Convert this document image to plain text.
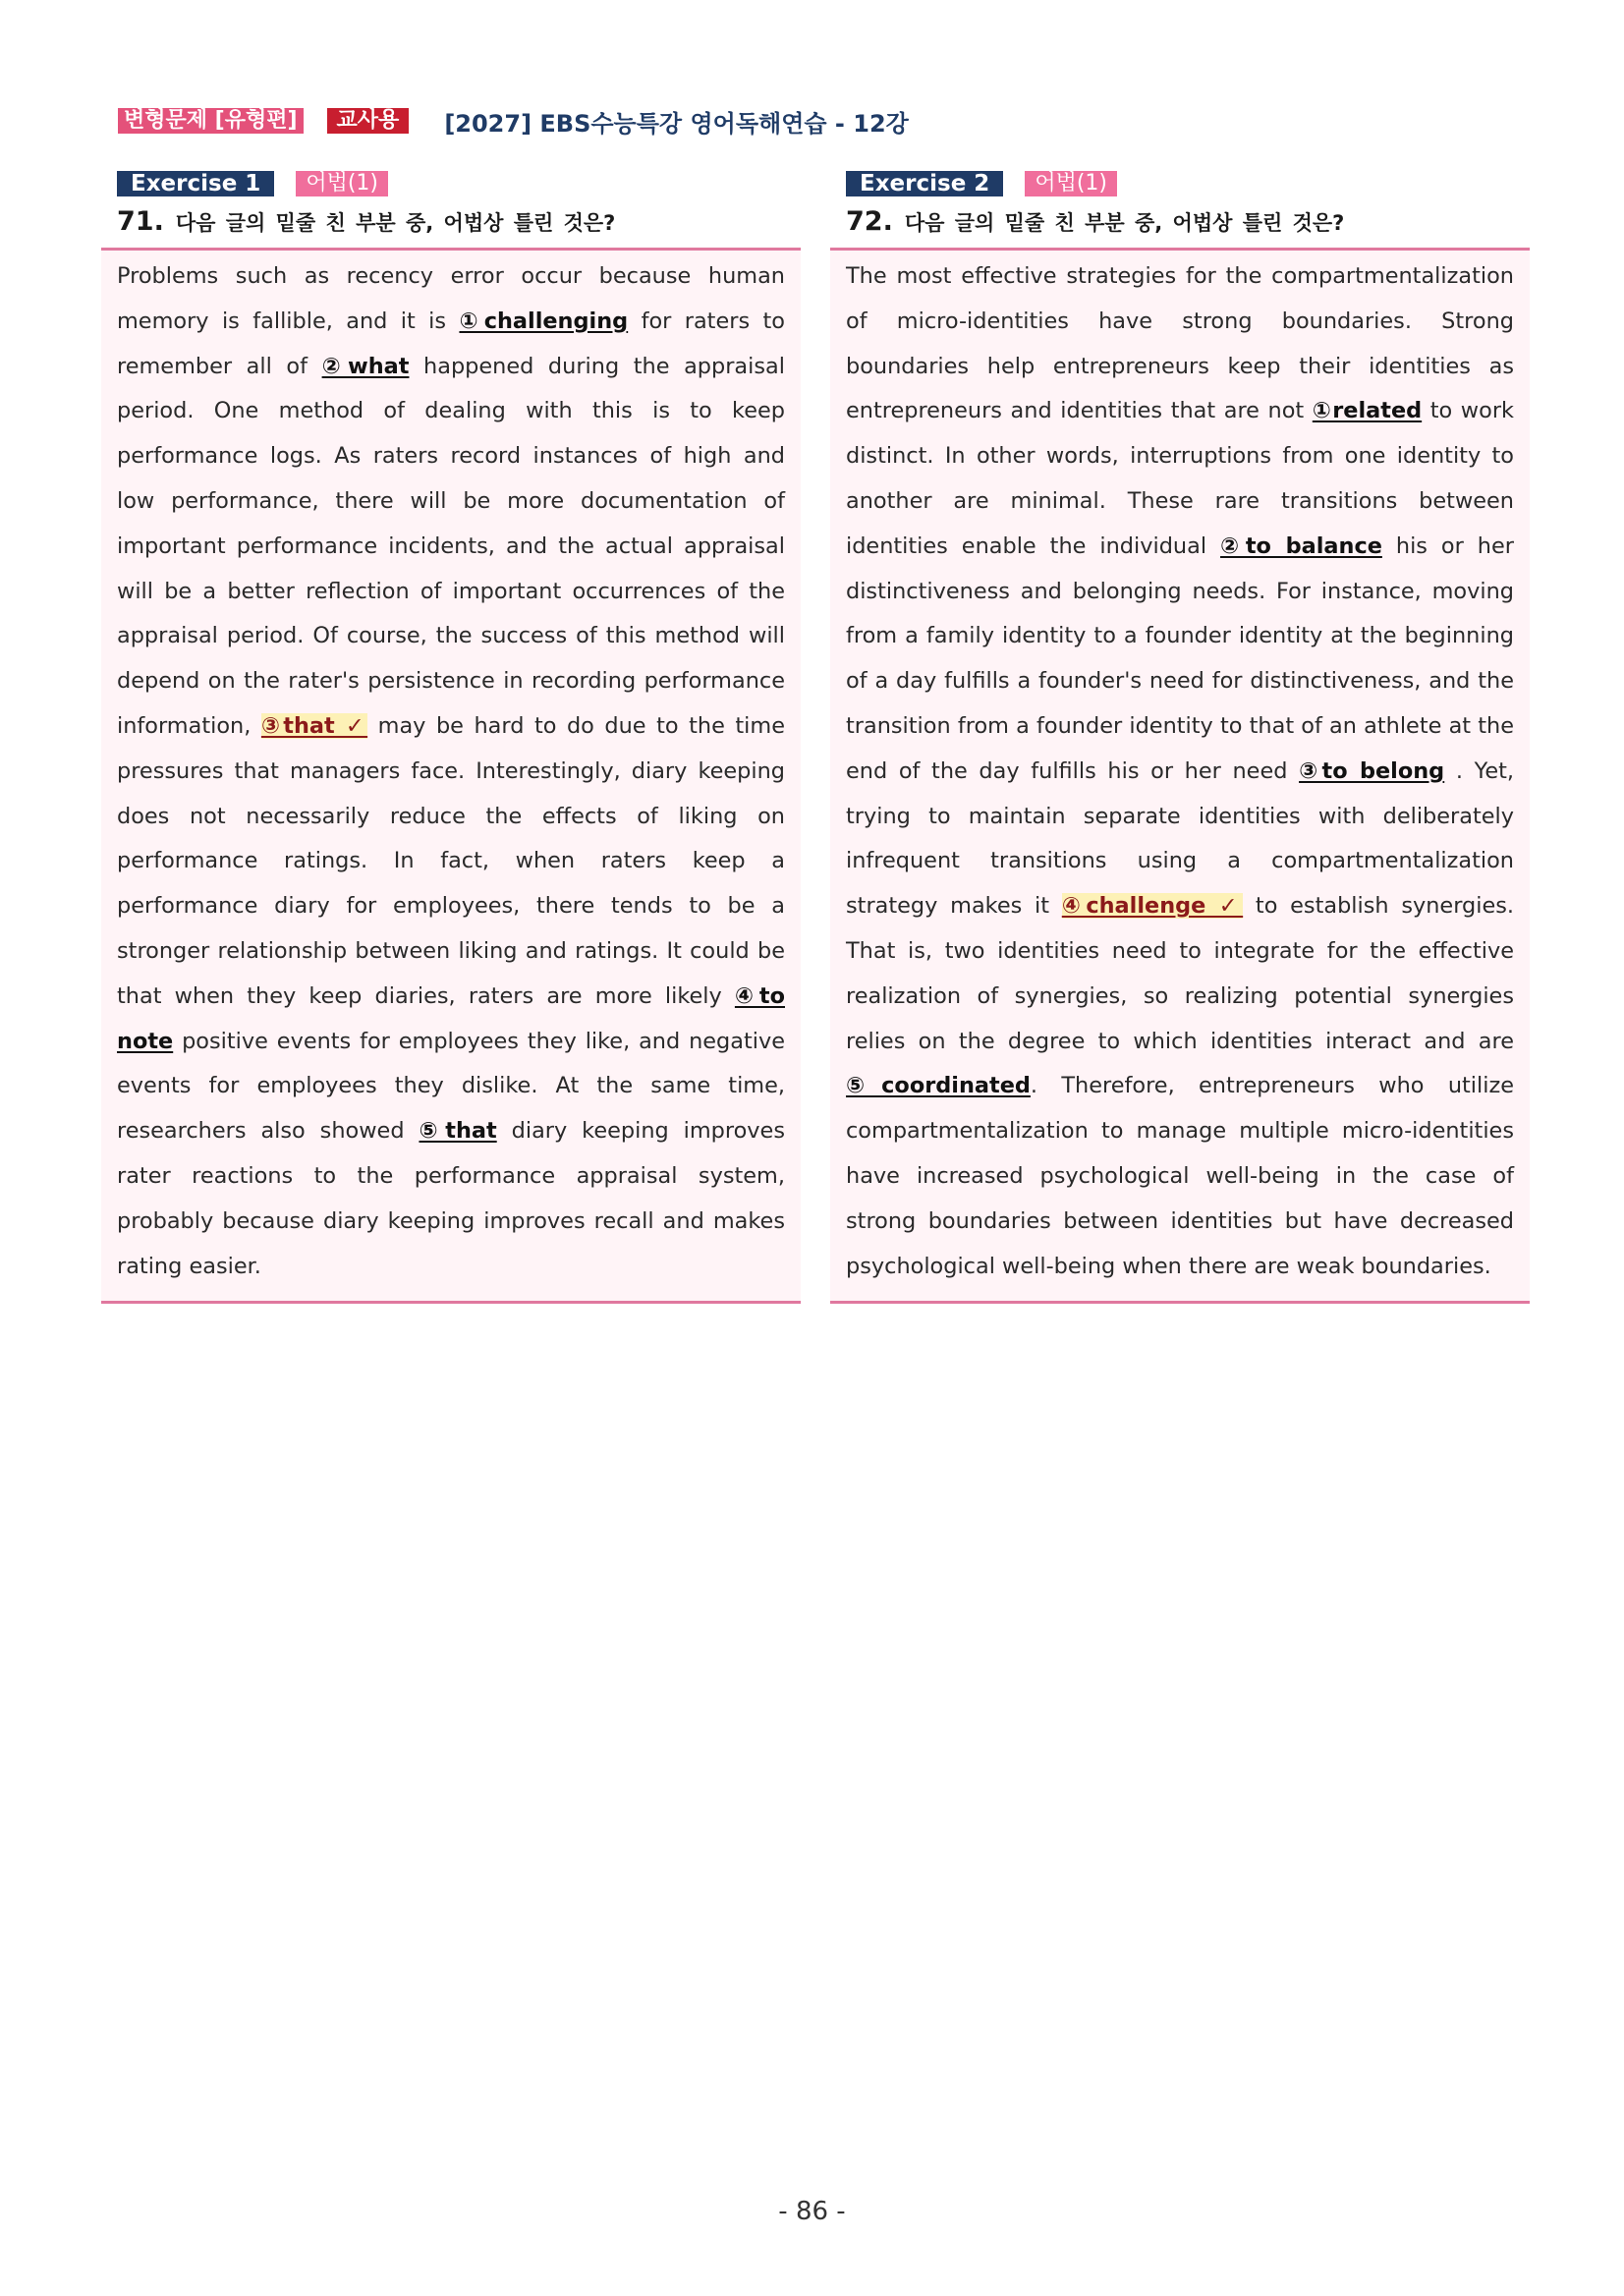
변형문제 [유형편]	교사용	[2027] EBS수능특강 영어독해연습 - 12강
Exercise 1	어법(1)
71. 다음 글의 밑줄 친 부분 중, 어법상 틀린 것은?
Problems such as recency error occur because human memory is fallible, and it is ①challenging for raters to remember all of ②what happened during the appraisal period. One method of dealing with this is to keep performance logs. As raters record instances of high and low performance, there will be more documentation of important performance incidents, and the actual appraisal will be a better reflection of important occurrences of the appraisal period. Of course, the success of this method will depend on the rater's persistence in recording performance information, ③that ✓ may be hard to do due to the time pressures that managers face. Interestingly, diary keeping does not necessarily reduce the effects of liking on performance ratings. In fact, when raters keep a performance diary for employees, there tends to be a stronger relationship between liking and ratings. It could be that when they keep diaries, raters are more likely ④to note positive events for employees they like, and negative events for employees they dislike. At the same time, researchers also showed ⑤that diary keeping improves rater reactions to the performance appraisal system, probably because diary keeping improves recall and makes rating easier.
Exercise 2	어법(1)
72. 다음 글의 밑줄 친 부분 중, 어법상 틀린 것은?
The most effective strategies for the compartmentalization of micro-identities have strong boundaries. Strong boundaries help entrepreneurs keep their identities as entrepreneurs and identities that are not ①related to work distinct. In other words, interruptions from one identity to another are minimal. These rare transitions between identities enable the individual ②to balance his or her distinctiveness and belonging needs. For instance, moving from a family identity to a founder identity at the beginning of a day fulfills a founder's need for distinctiveness, and the transition from a founder identity to that of an athlete at the end of the day fulfills his or her need ③to belong . Yet, trying to maintain separate identities with deliberately infrequent transitions using a compartmentalization strategy makes it ④challenge ✓ to establish synergies. That is, two identities need to integrate for the effective realization of synergies, so realizing potential synergies relies on the degree to which identities interact and are ⑤coordinated. Therefore, entrepreneurs who utilize compartmentalization to manage multiple micro-identities have increased psychological well-being in the case of strong boundaries between identities but have decreased psychological well-being when there are weak boundaries.
- 86 -
